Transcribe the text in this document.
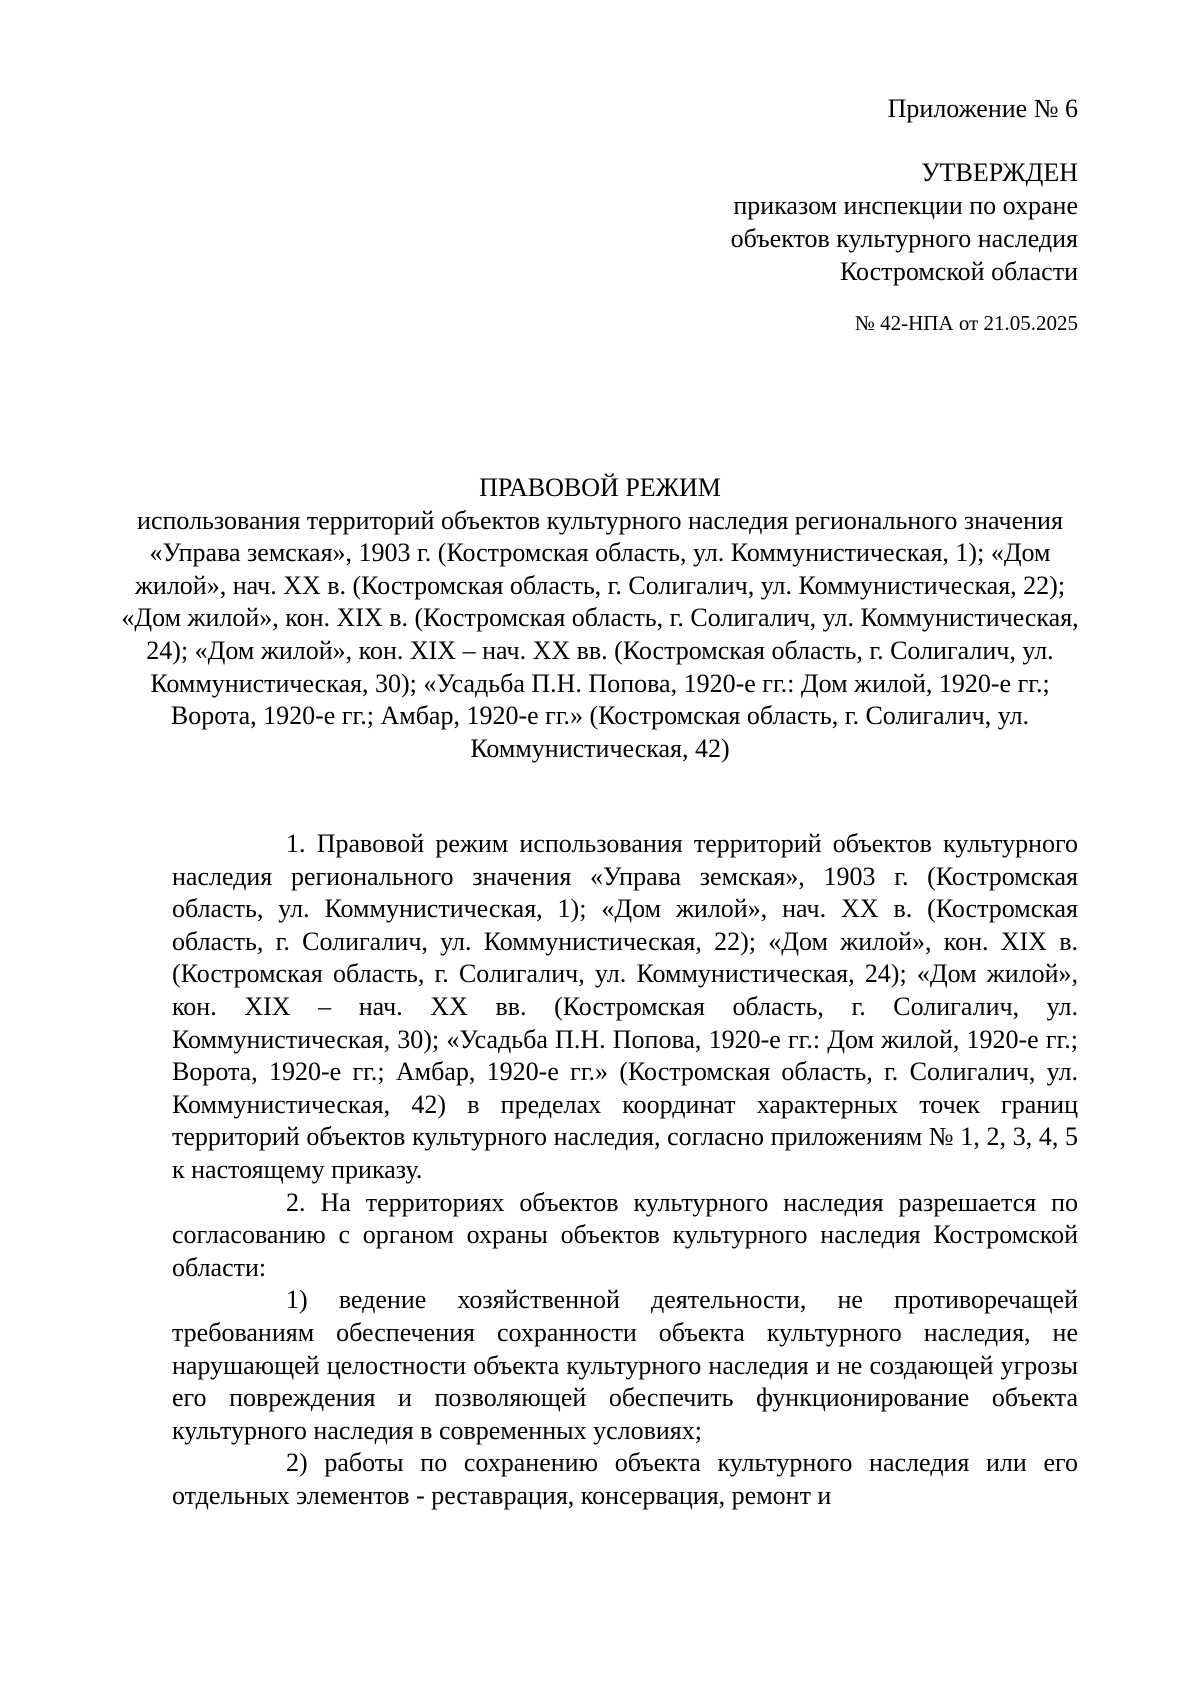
Приложение № 6
УТВЕРЖДЕН
приказом инспекции по охране
объектов культурного наследия
Костромской области
№ 42-НПА от 21.05.2025
ПРАВОВОЙ РЕЖИМ
использования территорий объектов культурного наследия регионального значения «Управа земская», 1903 г. (Костромская область, ул. Коммунистическая, 1); «Дом жилой», нач. XX в. (Костромская область, г. Солигалич, ул. Коммунистическая, 22); «Дом жилой», кон. XIX в. (Костромская область, г. Солигалич, ул. Коммунистическая, 24); «Дом жилой», кон. XIX – нач. XX вв. (Костромская область, г. Солигалич, ул. Коммунистическая, 30); «Усадьба П.Н. Попова, 1920-е гг.: Дом жилой, 1920-е гг.; Ворота, 1920-е гг.; Амбар, 1920-е гг.» (Костромская область, г. Солигалич, ул. Коммунистическая, 42)

1. Правовой режим использования территорий объектов культурного наследия регионального значения «Управа земская», 1903 г. (Костромская область, ул. Коммунистическая, 1); «Дом жилой», нач. XX в. (Костромская область, г. Солигалич, ул. Коммунистическая, 22); «Дом жилой», кон. XIX в. (Костромская область, г. Солигалич, ул. Коммунистическая, 24); «Дом жилой», кон. XIX – нач. XX вв. (Костромская область, г. Солигалич, ул. Коммунистическая, 30); «Усадьба П.Н. Попова, 1920-е гг.: Дом жилой, 1920-е гг.; Ворота, 1920-е гг.; Амбар, 1920-е гг.» (Костромская область, г. Солигалич, ул. Коммунистическая, 42) в пределах координат характерных точек границ территорий объектов культурного наследия, согласно приложениям № 1, 2, 3, 4, 5 к настоящему приказу.

2. На территориях объектов культурного наследия разрешается по согласованию с органом охраны объектов культурного наследия Костромской области:

1) ведение хозяйственной деятельности, не противоречащей требованиям обеспечения сохранности объекта культурного наследия, не нарушающей целостности объекта культурного наследия и не создающей угрозы его повреждения и позволяющей обеспечить функционирование объекта культурного наследия в современных условиях;

2) работы по сохранению объекта культурного наследия или его отдельных элементов - реставрация, консервация, ремонт и
